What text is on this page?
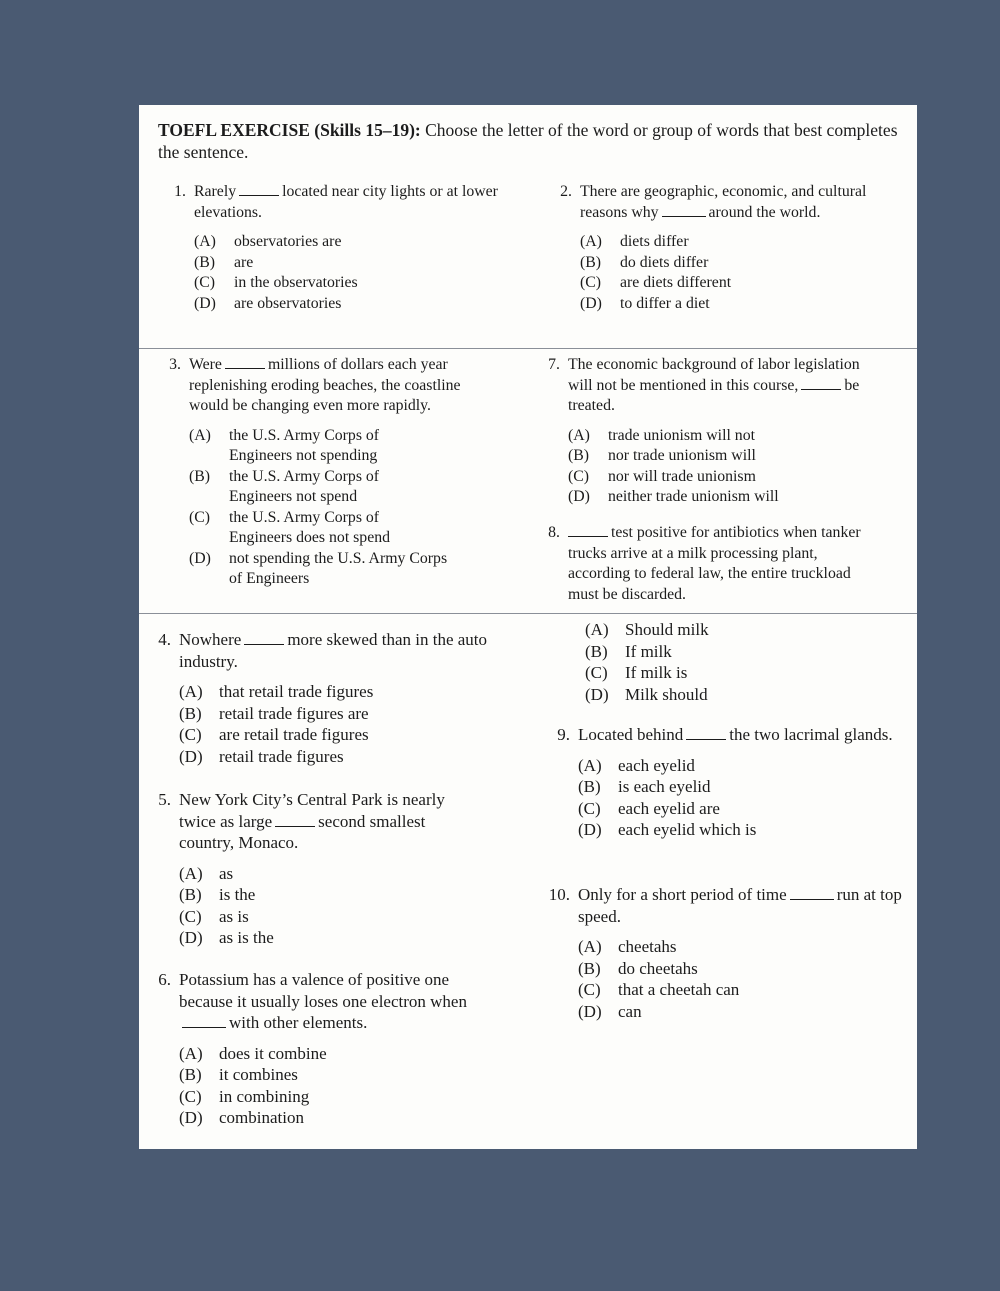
TOEFL EXERCISE (Skills 15–19): Choose the letter of the word or group of words that best completes the sentence.
1. Rarely	located near city lights or at lower elevations.
(A)	observatories are
(B)	are
(C)	in the observatories
(D)	are observatories
2. There are geographic, economic, and cultural reasons why	around the world.
(A)	diets differ
(B)	do diets differ
(C)	are diets different
(D)	to differ a diet
3. Were	millions of dollars each year replenishing eroding beaches, the coastline would be changing even more rapidly.
(A)	the U.S. Army Corps of Engineers not spending
(B)	the U.S. Army Corps of Engineers not spend
(C)	the U.S. Army Corps of Engineers does not spend
(D)	not spending the U.S. Army Corps of Engineers
7. The economic background of labor legislation will not be mentioned in this course,	be treated.
(A)	trade unionism will not
(B)	nor trade unionism will
(C)	nor will trade unionism
(D)	neither trade unionism will
8.	test positive for antibiotics when tanker trucks arrive at a milk processing plant, according to federal law, the entire truckload must be discarded.
(A) Should milk
(B)	If milk
(C)	If milk is
(D) Milk should
4. Nowhere	more skewed than in the auto industry.
(A) that retail trade figures
(B)	retail trade figures are
(C)	are retail trade figures
(D) retail trade figures
5. New York City’s Central Park is nearly twice as large	second smallest country, Monaco.
(A) as
(B)	is the
(C)	as is
(D) as is the
6. Potassium has a valence of positive one because it usually loses one electron whenwith other elements.
(A) does it combine
(B)	it combines
(C)	in combining
(D) combination
9. Located behind	the two lacrimal glands.
(A) each eyelid
(B)	is each eyelid
(C)	each eyelid are
(D) each eyelid which is
10. Only for a short period of time	run at top speed.
(A) cheetahs
(B)	do cheetahs
(C)	that a cheetah can
(D) can
